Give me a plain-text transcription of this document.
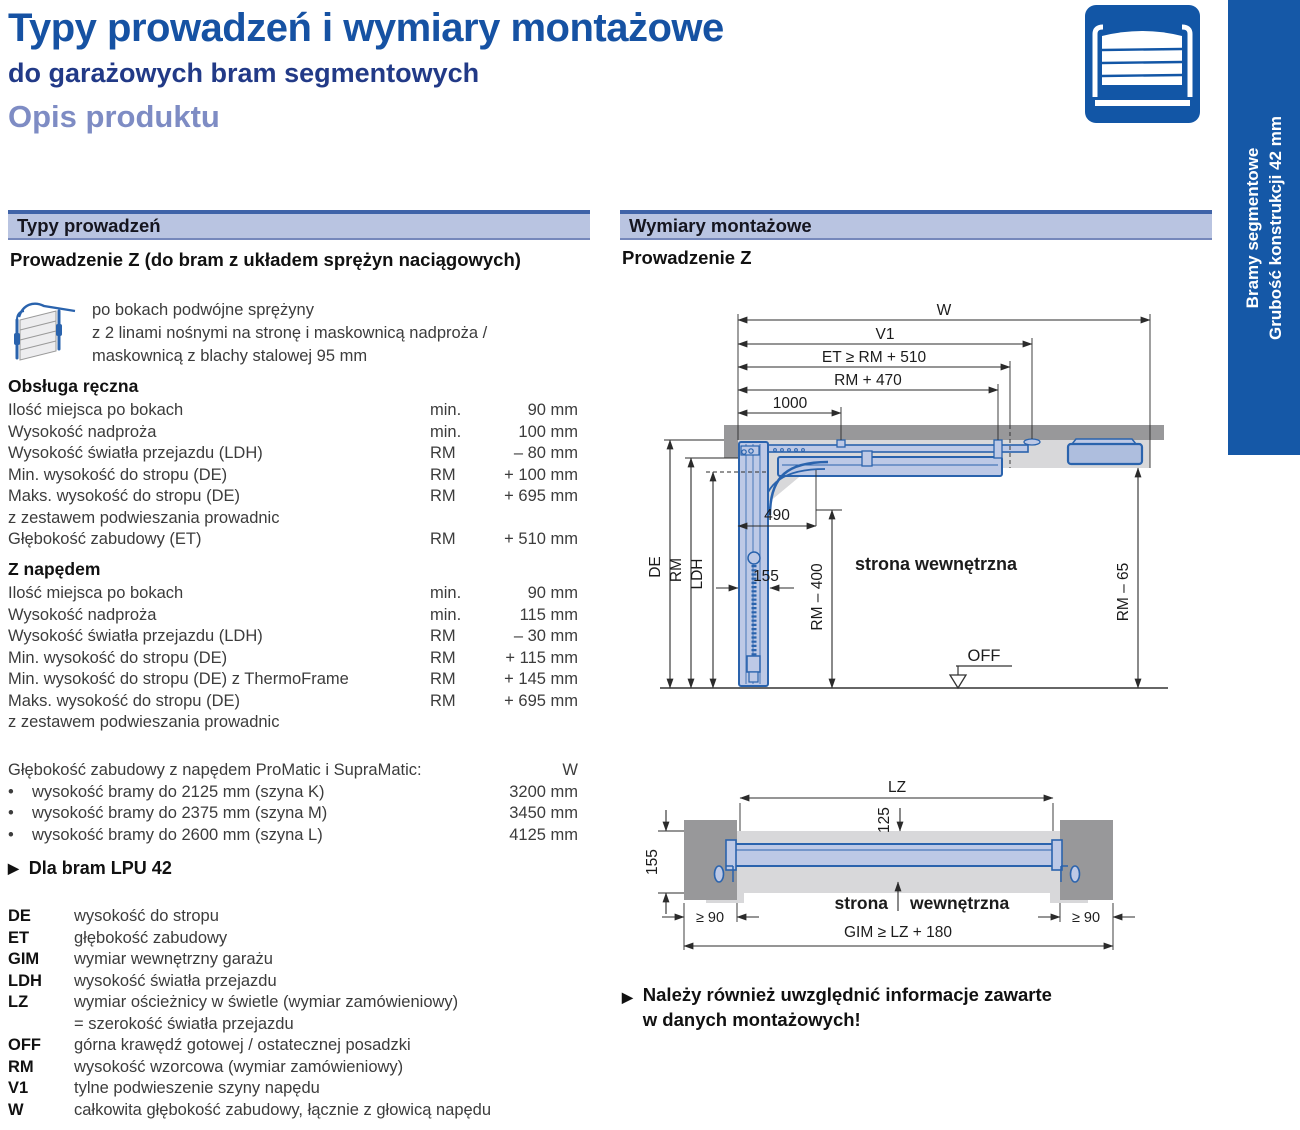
Typy prowadzeń i wymiary montażowe
do garażowych bram segmentowych
Opis produktu
Bramy segmentowe Grubość konstrukcji 42 mm
Typy prowadzeń
Prowadzenie Z (do bram z układem sprężyn naciągowych)
po bokach podwójne sprężyny
z 2 linami nośnymi na stronę i maskownicą nadproża /
maskownicą z blachy stalowej 95 mm
Obsługa ręczna
Ilość miejsca po bokach	min.	90 mm
Wysokość nadproża	min.	100 mm
Wysokość światła przejazdu (LDH)	RM	– 80 mm
Min. wysokość do stropu (DE)	RM	+ 100 mm
Maks. wysokość do stropu (DE)	RM	+ 695 mm
z zestawem podwieszania prowadnic
Głębokość zabudowy (ET)	RM	+ 510 mm
Z napędem
Ilość miejsca po bokach	min.	90 mm
Wysokość nadproża	min.	115 mm
Wysokość światła przejazdu (LDH)	RM	– 30 mm
Min. wysokość do stropu (DE)	RM	+ 115 mm
Min. wysokość do stropu (DE) z ThermoFrame	RM	+ 145 mm
Maks. wysokość do stropu (DE)	RM	+ 695 mm
z zestawem podwieszania prowadnic
Głębokość zabudowy z napędem ProMatic i SupraMatic:	W
•	wysokość bramy do 2125 mm (szyna K)	3200 mm
•	wysokość bramy do 2375 mm (szyna M)	3450 mm
•	wysokość bramy do 2600 mm (szyna L)	4125 mm
▶ Dla bram LPU 42
DE	wysokość do stropu
ET	głębokość zabudowy
GIM	wymiar wewnętrzny garażu
LDH	wysokość światła przejazdu
LZ	wymiar ościeżnicy w świetle (wymiar zamówieniowy)
= szerokość światła przejazdu
OFF	górna krawędź gotowej / ostatecznej posadzki
RM	wysokość wzorcowa (wymiar zamówieniowy)
V1	tylne podwieszenie szyny napędu
W	całkowita głębokość zabudowy, łącznie z głowicą napędu
Wymiary montażowe
Prowadzenie Z
W
V1
ET ≥ RM + 510
RM + 470
1000
490
155
DE RM LDH	RM – 400	RM – 65
strona wewnętrzna
OFF
LZ
125
155
strona wewnętrzna
≥ 90	≥ 90
GIM ≥ LZ + 180
▶ Należy również uwzględnić informacje zawarte
w danych montażowych!
